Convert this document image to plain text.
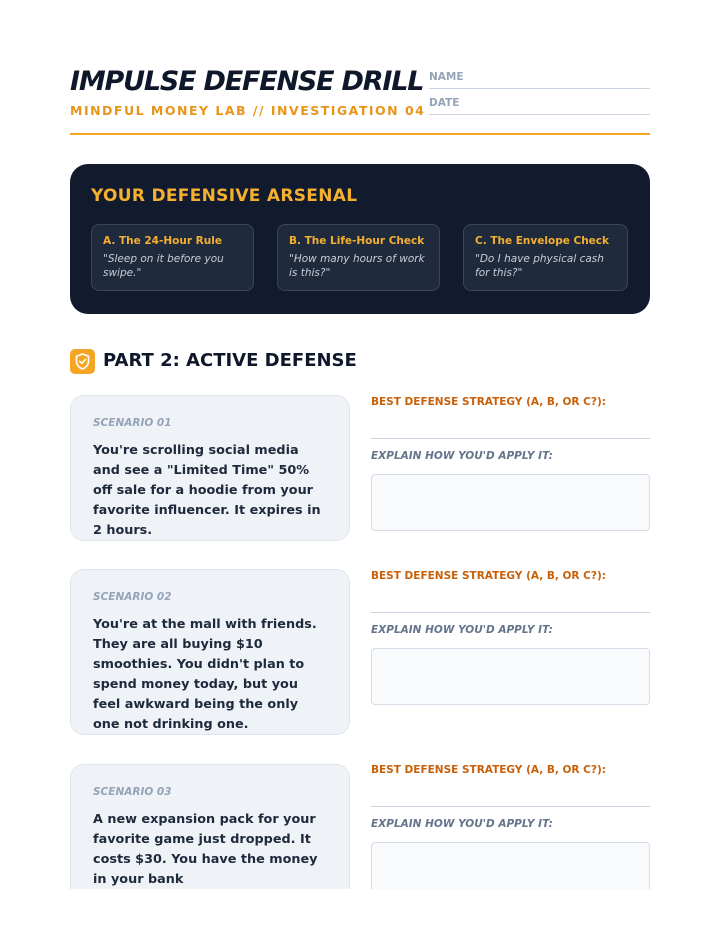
IMPULSE DEFENSE DRILL
MINDFUL MONEY LAB // INVESTIGATION 04
NAME
DATE
YOUR DEFENSIVE ARSENAL
A. The 24-Hour Rule
"Sleep on it before you swipe."
B. The Life-Hour Check
"How many hours of work is this?"
C. The Envelope Check
"Do I have physical cash for this?"
PART 2: ACTIVE DEFENSE
SCENARIO 01
You're scrolling social media and see a "Limited Time" 50% off sale for a hoodie from your favorite influencer. It expires in 2 hours.
BEST DEFENSE STRATEGY (A, B, OR C?):
EXPLAIN HOW YOU'D APPLY IT:
SCENARIO 02
You're at the mall with friends. They are all buying $10 smoothies. You didn't plan to spend money today, but you feel awkward being the only one not drinking one.
BEST DEFENSE STRATEGY (A, B, OR C?):
EXPLAIN HOW YOU'D APPLY IT:
SCENARIO 03
A new expansion pack for your favorite game just dropped. It costs $30. You have the money in your bank
BEST DEFENSE STRATEGY (A, B, OR C?):
EXPLAIN HOW YOU'D APPLY IT:
